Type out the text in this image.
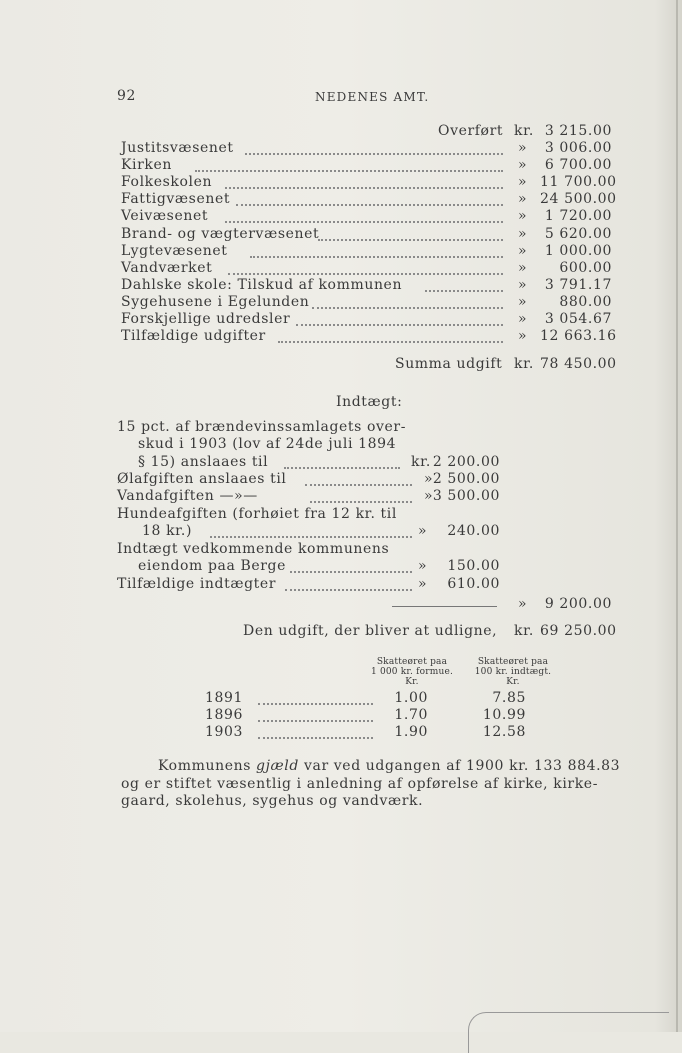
92	NEDENES AMT.
Overført kr. 3 215.00
Justitsvæsenet	»	3 006.00
Kirken	»	6 700.00
Folkeskolen	» 11 700.00
Fattigvæsenet	» 24 500.00
Veivæsenet	»	1 720.00
Brand- og vægtervæsenet	»	5 620.00
Lygtevæsenet	»	1 000.00
Vandværket	»	600.00
Dahlske skole: Tilskud af kommunen	»	3 791.17
Sygehusene i Egelunden	»	880.00
Forskjellige udredsler	»	3 054.67
Tilfældige udgifter	» 12 663.16
Summa udgift kr. 78 450.00
Indtægt:
15 pct. af brændevinssamlagets over-
skud i 1903 (lov af 24de juli 1894
§ 15) anslaaes til	kr. 2 200.00
Ølafgiften anslaaes til	» 2 500.00
Vandafgiften —»—	» 3 500.00
Hundeafgiften (forhøiet fra 12 kr. til
18 kr.)	»	240.00
Indtægt vedkommende kommunens
eiendom paa Berge	»	150.00
Tilfældige indtægter	»	610.00
»	9 200.00
Den udgift, der bliver at udligne, kr. 69 250.00
Skatteøret paa
1 000 kr. formue.
Kr.
Skatteøret paa
100 kr. indtægt.
Kr.
1891	1.00	7.85
1896	1.70	10.99
1903	1.90	12.58
Kommunens gjæld var ved udgangen af 1900 kr. 133 884.83
og er stiftet væsentlig i anledning af opførelse af kirke, kirke-
gaard, skolehus, sygehus og vandværk.
